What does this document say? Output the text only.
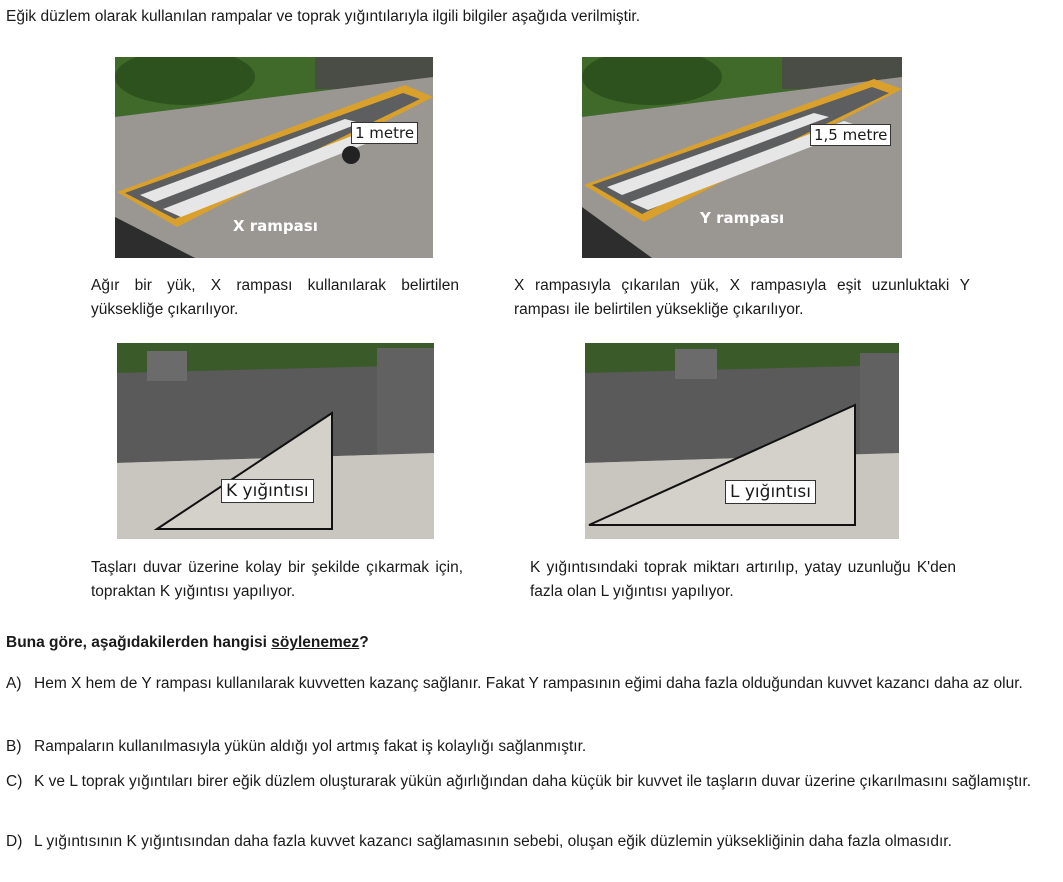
Eğik düzlem olarak kullanılan rampalar ve toprak yığıntılarıyla ilgili bilgiler aşağıda verilmiştir.
1 metre
X rampası
1,5 metre
Y rampası
Ağır bir yük, X rampası kullanılarak belirtilen yüksekliğe çıkarılıyor.
X rampasıyla çıkarılan yük, X rampasıyla eşit uzunluktaki Y rampası ile belirtilen yüksekliğe çıkarılıyor.
K yığıntısı	L yığıntısı
Taşları duvar üzerine kolay bir şekilde çıkarmak için, topraktan K yığıntısı yapılıyor.
K yığıntısındaki toprak miktarı artırılıp, yatay uzunluğu K'den fazla olan L yığıntısı yapılıyor.
Buna göre, aşağıdakilerden hangisi söylenemez?
A) Hem X hem de Y rampası kullanılarak kuvvetten kazanç sağlanır. Fakat Y rampasının eğimi daha fazla olduğundan kuvvet kazancı daha az olur.
B) Rampaların kullanılmasıyla yükün aldığı yol artmış fakat iş kolaylığı sağlanmıştır.
C) K ve L toprak yığıntıları birer eğik düzlem oluşturarak yükün ağırlığından daha küçük bir kuvvet ile taşların duvar üzerine çıkarılmasını sağlamıştır.
D) L yığıntısının K yığıntısından daha fazla kuvvet kazancı sağlamasının sebebi, oluşan eğik düzlemin yüksekliğinin daha fazla olmasıdır.
